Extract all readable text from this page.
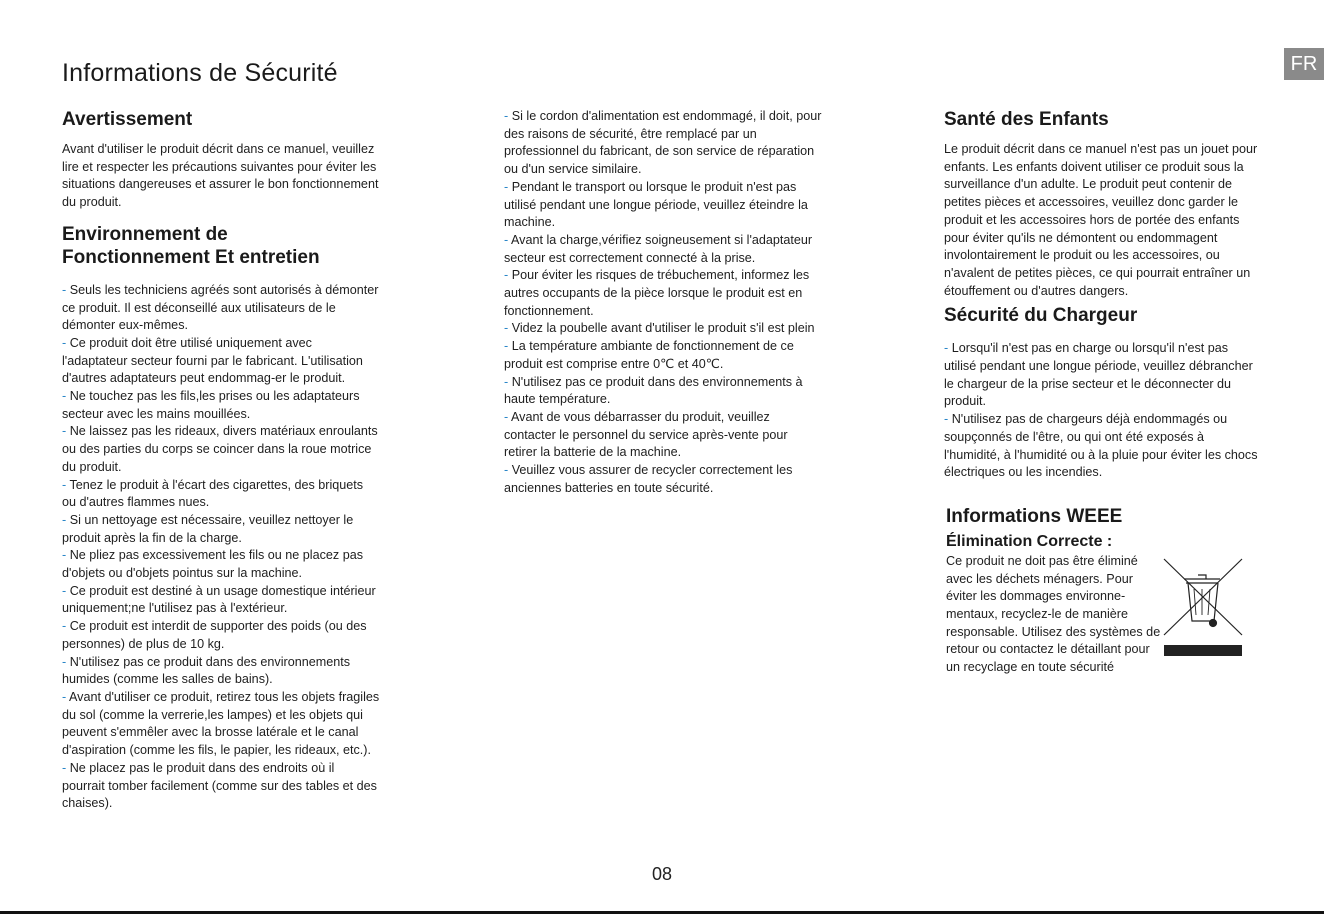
Informations de Sécurité	FR
Avertissement

Avant d'utiliser le produit décrit dans ce manuel, veuillez lire et respecter les précautions suivantes pour éviter les situations dangereuses et assurer le bon fonctionnement du produit.

Environnement de
Fonctionnement Et entretien

- Seuls les techniciens agréés sont autorisés à démonter ce produit. Il est déconseillé aux utilisateurs de le démonter eux-mêmes.

- Ce produit doit être utilisé uniquement avec l'adaptateur secteur fourni par le fabricant. L'utilisation d'autres adaptateurs peut endommag-er le produit.

- Ne touchez pas les fils,les prises ou les adaptateurs secteur avec les mains mouillées.

- Ne laissez pas les rideaux, divers matériaux enroulants ou des parties du corps se coincer dans la roue motrice du produit.

- Tenez le produit à l'écart des cigarettes, des briquets ou d'autres flammes nues.

- Si un nettoyage est nécessaire, veuillez nettoyer le produit après la fin de la charge.

- Ne pliez pas excessivement les fils ou ne placez pas d'objets ou d'objets pointus sur la machine.

- Ce produit est destiné à un usage domestique intérieur uniquement;ne l'utilisez pas à l'extérieur.

- Ce produit est interdit de supporter des poids (ou des personnes) de plus de 10 kg.

- N'utilisez pas ce produit dans des environnements humides (comme les salles de bains).

- Avant d'utiliser ce produit, retirez tous les objets fragiles du sol (comme la verrerie,les lampes) et les objets qui peuvent s'emmêler avec la brosse latérale et le canal d'aspiration (comme les fils, le papier, les rideaux, etc.).

- Ne placez pas le produit dans des endroits où il pourrait tomber facilement (comme sur des tables et des chaises).

- Si le cordon d'alimentation est endommagé, il doit, pour des raisons de sécurité, être remplacé par un professionnel du fabricant, de son service de réparation ou d'un service similaire.

- Pendant le transport ou lorsque le produit n'est pas utilisé pendant une longue période, veuillez éteindre la machine.

- Avant la charge,vérifiez soigneusement si l'adaptateur secteur est correctement connecté à la prise.

- Pour éviter les risques de trébuchement, informez les autres occupants de la pièce lorsque le produit est en fonctionnement.

- Videz la poubelle avant d'utiliser le produit s'il est plein

- La température ambiante de fonctionnement de ce produit est comprise entre 0℃ et 40℃.

- N'utilisez pas ce produit dans des environnements à haute température.

- Avant de vous débarrasser du produit, veuillez contacter le personnel du service après-vente pour retirer la batterie de la machine.

- Veuillez vous assurer de recycler correctement les anciennes batteries en toute sécurité.

Santé des Enfants

Le produit décrit dans ce manuel n'est pas un jouet pour enfants. Les enfants doivent utiliser ce produit sous la surveillance d'un adulte. Le produit peut contenir de petites pièces et accessoires, veuillez donc garder le produit et les accessoires hors de portée des enfants pour éviter qu'ils ne démontent ou endommagent involontairement le produit ou les accessoires, ou n'avalent de petites pièces, ce qui pourrait entraîner un étouffement ou d'autres dangers.

Sécurité du Chargeur

- Lorsqu'il n'est pas en charge ou lorsqu'il n'est pas utilisé pendant une longue période, veuillez débrancher le chargeur de la prise secteur et le déconnecter du produit.

- N'utilisez pas de chargeurs déjà endommagés ou soupçonnés de l'être, ou qui ont été exposés à l'humidité, à l'humidité ou à la pluie pour éviter les chocs électriques ou les incendies.

Informations WEEE
Élimination Correcte :

Ce produit ne doit pas être éliminé avec les déchets ménagers. Pour éviter les dommages environne-mentaux, recyclez-le de manière responsable. Utilisez des systèmes de retour ou contactez le détaillant pour un recyclage en toute sécurité

08
